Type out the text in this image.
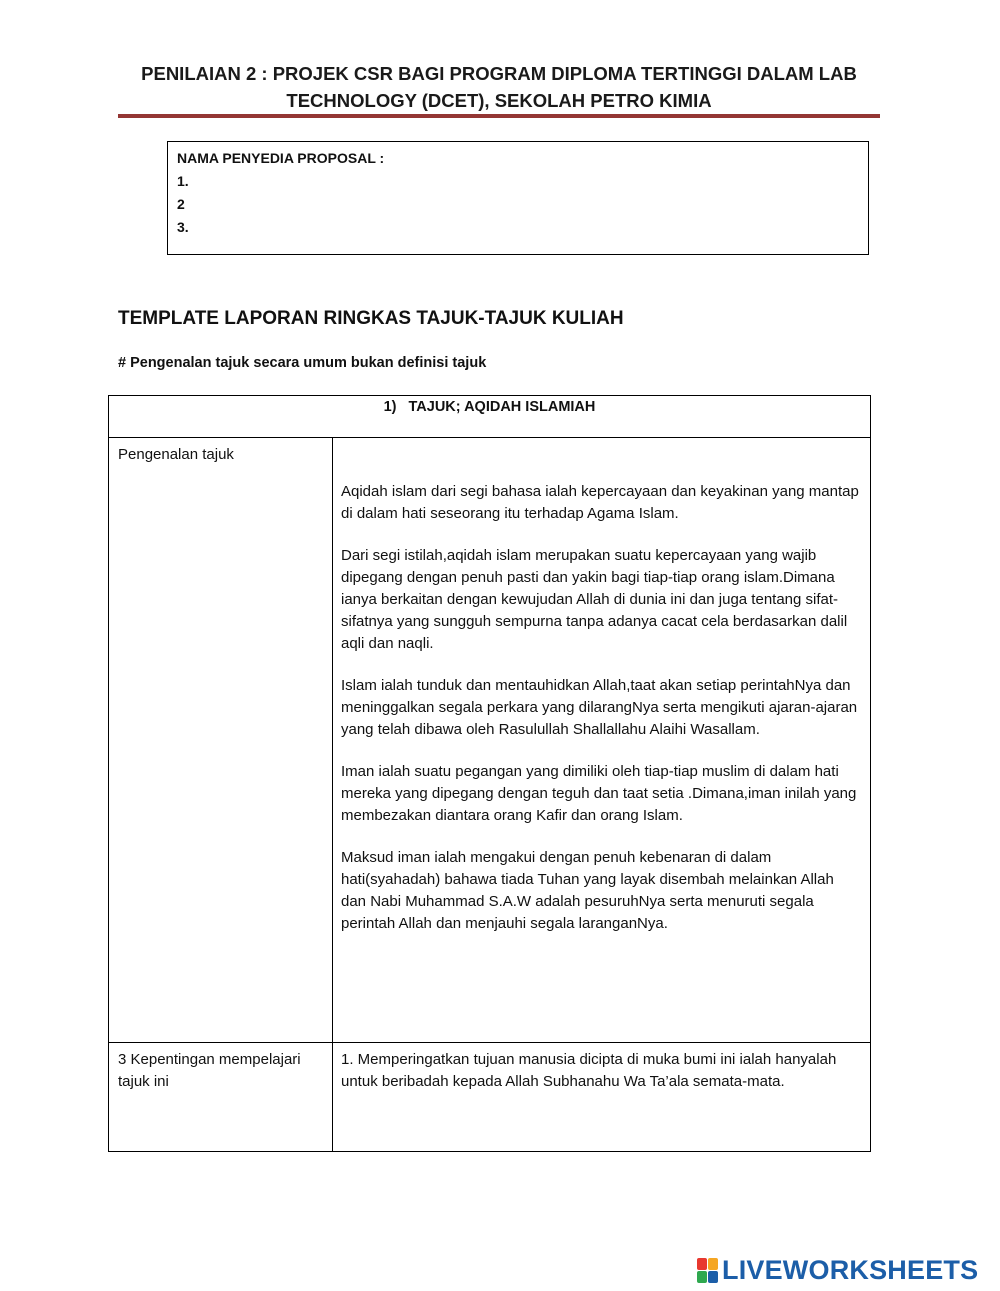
PENILAIAN 2 : PROJEK CSR BAGI PROGRAM DIPLOMA TERTINGGI DALAM LAB
TECHNOLOGY (DCET), SEKOLAH PETRO KIMIA
NAMA PENYEDIA PROPOSAL :
1.
2
3.
TEMPLATE LAPORAN RINGKAS TAJUK-TAJUK KULIAH
# Pengenalan tajuk secara umum bukan definisi tajuk
1) TAJUK; AQIDAH ISLAMIAH	
Pengenalan tajuk	Aqidah islam dari segi bahasa ialah kepercayaan dan keyakinan yang mantap di dalam hati seseorang itu terhadap Agama Islam.

Dari segi istilah,aqidah islam merupakan suatu kepercayaan yang wajib dipegang dengan penuh pasti dan yakin bagi tiap-tiap orang islam.Dimana ianya berkaitan dengan kewujudan Allah di dunia ini dan juga tentang sifat-sifatnya yang sungguh sempurna tanpa adanya cacat cela berdasarkan dalil aqli dan naqli.

Islam ialah tunduk dan mentauhidkan Allah,taat akan setiap perintahNya dan meninggalkan segala perkara yang dilarangNya serta mengikuti ajaran-ajaran yang telah dibawa oleh Rasulullah Shallallahu Alaihi Wasallam.

Iman ialah suatu pegangan yang dimiliki oleh tiap-tiap muslim di dalam hati mereka yang dipegang dengan teguh dan taat setia .Dimana,iman inilah yang membezakan diantara orang Kafir dan orang Islam.

Maksud iman ialah mengakui dengan penuh kebenaran di dalam hati(syahadah) bahawa tiada Tuhan yang layak disembah melainkan Allah dan Nabi Muhammad S.A.W adalah pesuruhNya serta menuruti segala perintah Allah dan menjauhi segala laranganNya.

3 Kepentingan mempelajari tajuk ini	1. Memperingatkan tujuan manusia dicipta di muka bumi ini ialah hanyalah untuk beribadah kepada Allah Subhanahu Wa Ta’ala semata-mata.
LIVEWORKSHEETS
